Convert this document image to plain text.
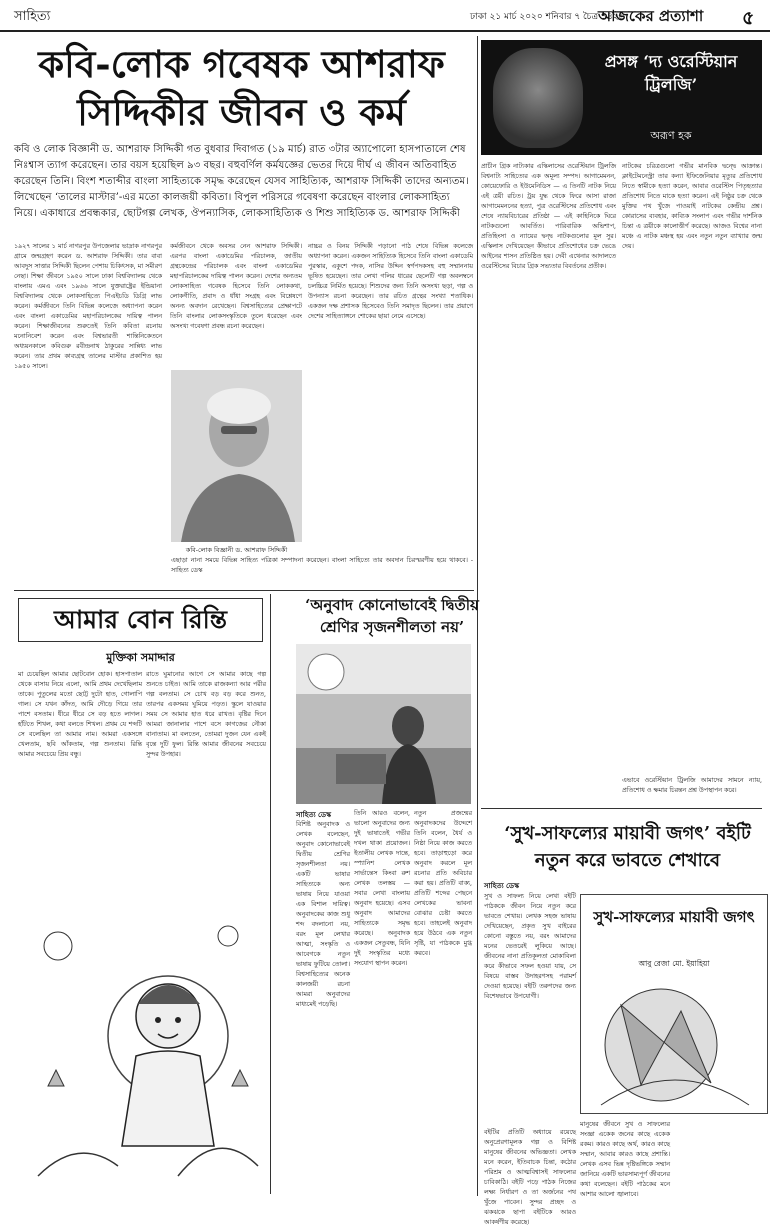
সাহিত্য	ঢাকা ২১ মার্চ ২০২০ শনিবার ৭ চৈত্র ১৪২৬
আজকের প্রত্যাশা ৫
কবি-লোক গবেষক আশরাফ সিদ্দিকীর জীবন ও কর্ম
কবি ও লোক বিজ্ঞানী ড. আশরাফ সিদ্দিকী গত বুধবার দিবাগত (১৯ মার্চ) রাত ৩টার অ্যাপোলো হাসপাতালে শেষ নিঃশ্বাস ত্যাগ করেছেন। তার বয়স হয়েছিল ৯৩ বছর। বহুবর্ণিল কর্মযজ্ঞের ভেতর দিয়ে দীর্ঘ এ জীবন অতিবাহিত করেছেন তিনি। বিংশ শতাব্দীর বাংলা সাহিত্যকে সমৃদ্ধ করেছেন যেসব সাহিত্যিক, আশরাফ সিদ্দিকী তাদের অন্যতম। লিখেছেন ‘তালের মাস্টার’-এর মতো কালজয়ী কবিতা। বিপুল পরিসরে গবেষণা করেছেন বাংলার লোকসাহিত্য নিয়ে। একাধারে প্রবন্ধকার, ছোটগল্প লেখক, ঔপন্যাসিক, লোকসাহিত্যিক ও শিশু সাহিত্যিক ড. আশরাফ সিদ্দিকী
১৯২৭ সালের ১ মার্চ নাগরপুর উপজেলার ভাদ্রাক নাগরপুর গ্রামে জন্মগ্রহণ করেন ড. আশরাফ সিদ্দিকী। তার বাবা আবদুস সাত্তার সিদ্দিকী ছিলেন পেশায় চিকিৎসক, মা সমীরণ নেছা। শিক্ষা জীবনে ১৯৫০ সালে ঢাকা বিশ্ববিদ্যালয় থেকে বাংলায় এমএ এবং ১৯৬৬ সালে যুক্তরাষ্ট্রের ইন্ডিয়ানা বিশ্ববিদ্যালয় থেকে লোকসাহিত্যে পিএইচডি ডিগ্রি লাভ করেন। কর্মজীবনে তিনি বিভিন্ন কলেজে অধ্যাপনা করেন এবং বাংলা একাডেমির মহাপরিচালকের দায়িত্ব পালন করেন। শিক্ষাজীবনের শুরুতেই তিনি কবিতা রচনায় মনোনিবেশ করেন এবং বিশ্বভারতী শান্তিনিকেতনে অধ্যয়নকালে কবিগুরু রবীন্দ্রনাথ ঠাকুরের সান্নিধ্য লাভ করেন। তার প্রথম কাব্যগ্রন্থ তালের মাস্টার প্রকাশিত হয় ১৯৫০ সালে।
কর্মজীবনে থেকে অবসর নেন আশরাফ সিদ্দিকী। এরপর বাংলা একাডেমির পরিচালক, জাতীয় গ্রন্থকেন্দ্রের পরিচালক এবং বাংলা একাডেমির মহাপরিচালকের দায়িত্ব পালন করেন। দেশের অন্যতম লোকসাহিত্য গবেষক হিসেবে তিনি লোককথা, লোকগীতি, প্রবাদ ও ধাঁধা সংগ্রহ এবং বিশ্লেষণে অনন্য অবদান রেখেছেন। বিশ্বসাহিত্যের প্রেক্ষাপটে তিনি বাংলার লোকসংস্কৃতিকে তুলে ধরেছেন এবং অসংখ্য গবেষণা প্রবন্ধ রচনা করেছেন।
কবি-লোক বিজ্ঞানী ড. আশরাফ সিদ্দিকী
নাচ্চর ও বিনয় সিদ্দিকী পড়ানো পাঠ শেষে বিভিন্ন কলেজে অধ্যাপনা করেন। একজন সাহিত্যিক হিসেবে তিনি বাংলা একাডেমি পুরস্কার, একুশে পদক, নাসির উদ্দিন স্বর্ণপদকসহ বহু সম্মাননায় ভূষিত হয়েছেন। তার লেখা গলির ধারের ছেলেটি গল্প অবলম্বনে চলচ্চিত্র নির্মিত হয়েছে। শিশুদের জন্য তিনি অসংখ্য ছড়া, গল্প ও উপন্যাস রচনা করেছেন। তার রচিত গ্রন্থের সংখ্যা শতাধিক। একজন দক্ষ প্রশাসক হিসেবেও তিনি সমাদৃত ছিলেন। তার প্রয়াণে দেশের সাহিত্যাঙ্গনে শোকের ছায়া নেমে এসেছে।
এছাড়া নানা সময়ে বিভিন্ন সাহিত্য পত্রিকা সম্পাদনা করেছেন। বাংলা সাহিত্যে তার অবদান চিরস্মরণীয় হয়ে থাকবে। - সাহিত্য ডেস্ক
প্রসঙ্গ ‘দ্য ওরেস্টিয়ান ট্রিলজি’
অরূণ হক
প্রাচীন গ্রিক নাট্যকার এস্কিলাসের ওরেস্টিয়ান ট্রিলজি বিশ্বনাট্য সাহিত্যের এক অমূল্য সম্পদ। আগামেমনন, কোয়েফোরি ও ইউমেনিডিস — এ তিনটি নাটক নিয়ে এই ত্রয়ী রচিত। ট্রয় যুদ্ধ থেকে ফিরে আসা রাজা আগামেমননের হত্যা, পুত্র ওরেস্টিসের প্রতিশোধ এবং শেষে ন্যায়বিচারের প্রতিষ্ঠা — এই কাহিনিকে ঘিরে নাটকগুলো আবর্তিত। পারিবারিক অভিশাপ, প্রতিহিংসা ও ন্যায়ের দ্বন্দ্ব নাটকগুলোর মূল সুর। এস্কিলাস দেখিয়েছেন কীভাবে প্রতিশোধের চক্র ভেঙে আইনের শাসন প্রতিষ্ঠিত হয়। দেবী এথেনার আদালতে ওরেস্টিসের বিচার গ্রিক সভ্যতার বিবর্তনের প্রতীক।
নাটকের চরিত্রগুলো গভীর মানবিক দ্বন্দ্বে আক্রান্ত। ক্লাইটেমনেস্ট্রা তার কন্যা ইফিজেনিয়ার মৃত্যুর প্রতিশোধ নিতে স্বামীকে হত্যা করেন, আবার ওরেস্টিস পিতৃহত্যার প্রতিশোধ নিতে মাকে হত্যা করেন। এই নিষ্ঠুর চক্র থেকে মুক্তির পথ খুঁজে পাওয়াই নাটকের কেন্দ্রীয় প্রশ্ন। কোরাসের ব্যবহার, কাব্যিক সংলাপ এবং গভীর দার্শনিক চিন্তা এ ত্রয়ীকে কালোত্তীর্ণ করেছে। আজও বিশ্বের নানা মঞ্চে এ নাটক মঞ্চস্থ হয় এবং নতুন নতুন ব্যাখ্যার জন্ম দেয়।
এভাবে ওরেস্টিয়ান ট্রিলজি আমাদের সামনে ন্যায়, প্রতিশোধ ও ক্ষমার চিরন্তন প্রশ্ন উপস্থাপন করে।
আমার বোন রিন্তি
মুক্তিকা সমাদ্দার
মা চেয়েছিল আমার ছোটবোন হোক। হাসপাতাল থেকে বাসায় নিয়ে এলো, আমি প্রথম দেখেছিলাম তাকে। পুতুলের মতো ছোট্ট দুটো হাত, গোলাপি গাল। সে যখন কাঁদত, আমি দৌড়ে গিয়ে তার পাশে বসতাম। ধীরে ধীরে সে বড় হতে লাগল। হাঁটতে শিখল, কথা বলতে শিখল। প্রথম যে শব্দটি সে বলেছিল তা আমার নাম। আমরা একসঙ্গে খেলতাম, ছবি আঁকতাম, গল্প শুনতাম। রিন্তি আমার সবচেয়ে প্রিয় বন্ধু।
রাতে ঘুমানোর আগে সে আমার কাছে গল্প শুনতে চাইত। আমি তাকে রাজকন্যা আর পরীর গল্প বলতাম। সে চোখ বড় বড় করে শুনত, তারপর একসময় ঘুমিয়ে পড়ত। স্কুলে যাওয়ার সময় সে আমার হাত ধরে রাখত। বৃষ্টির দিনে আমরা জানালার পাশে বসে কাগজের নৌকা বানাতাম। মা বলতেন, তোমরা দুজন যেন একই বৃন্তে দুটি ফুল। রিন্তি আমার জীবনের সবচেয়ে সুন্দর উপহার।
‘অনুবাদ কোনোভাবেই দ্বিতীয় শ্রেণির সৃজনশীলতা নয়’
সাহিত্য ডেস্ক
বিশিষ্ট অনুবাদক ও লেখক বলেছেন, অনুবাদ কোনোভাবেই দ্বিতীয় শ্রেণির সৃজনশীলতা নয়। একটি ভাষার সাহিত্যকে অন্য ভাষায় নিয়ে যাওয়া এক বিশাল দায়িত্ব। অনুবাদকের কাজ শুধু শব্দ বদলানো নয়, বরং মূল লেখার আত্মা, সংস্কৃতি ও আবেগকে নতুন ভাষায় ফুটিয়ে তোলা। বিশ্বসাহিত্যের অনেক কালজয়ী রচনা আমরা অনুবাদের মাধ্যমেই পড়েছি।
তিনি আরও বলেন, ভালো অনুবাদের জন্য দুই ভাষাতেই গভীর দখল থাকা প্রয়োজন। ইতালীয় লেখক দান্তে, স্প্যানিশ লেখক সার্ভান্তেস কিংবা রুশ লেখক তলস্তয় — সবার লেখা বাংলায় অনুবাদ হয়েছে। এসব অনুবাদ আমাদের সাহিত্যকে সমৃদ্ধ করেছে। অনুবাদক একজন সেতুবন্ধ, যিনি দুই সংস্কৃতির মধ্যে সংযোগ স্থাপন করেন।
নতুন প্রজন্মের অনুবাদকদের উদ্দেশে তিনি বলেন, ধৈর্য ও নিষ্ঠা নিয়ে কাজ করতে হবে। তাড়াহুড়ো করে অনুবাদ করলে মূল রচনার প্রতি অবিচার করা হয়। প্রতিটি বাক্য, প্রতিটি শব্দের পেছনে লেখকের ভাবনা বোঝার চেষ্টা করতে হবে। তাহলেই অনুবাদ হয়ে উঠবে এক নতুন সৃষ্টি, যা পাঠককে মুগ্ধ করবে।
‘সুখ-সাফল্যের মায়াবী জগৎ’ বইটি নতুন করে ভাবতে শেখাবে
সাহিত্য ডেস্ক
সুখ ও সাফল্য নিয়ে লেখা বইটি পাঠককে জীবন নিয়ে নতুন করে ভাবতে শেখায়। লেখক সহজ ভাষায় দেখিয়েছেন, প্রকৃত সুখ বাইরের কোনো বস্তুতে নয়, বরং আমাদের মনের ভেতরেই লুকিয়ে আছে। জীবনের নানা প্রতিকূলতা মোকাবিলা করে কীভাবে সফল হওয়া যায়, সে বিষয়ে বাস্তব উদাহরণসহ পরামর্শ দেওয়া হয়েছে। বইটি তরুণদের জন্য বিশেষভাবে উপযোগী।
সুখ-সাফল্যের মায়াবী জগৎ
আবু রেজা মো. ইয়াহিয়া
বইটির প্রতিটি অধ্যায়ে রয়েছে অনুপ্রেরণামূলক গল্প ও বিশিষ্ট মানুষের জীবনের অভিজ্ঞতা। লেখক মনে করেন, ইতিবাচক চিন্তা, কঠোর পরিশ্রম ও আত্মবিশ্বাসই সাফল্যের চাবিকাঠি। বইটি পড়ে পাঠক নিজের লক্ষ্য নির্ধারণ ও তা অর্জনের পথ খুঁজে পাবেন। সুন্দর প্রচ্ছদ ও ঝকঝকে ছাপা বইটিকে আরও আকর্ষণীয় করেছে।
মানুষের জীবনে সুখ ও সাফল্যের সংজ্ঞা একেক জনের কাছে একেক রকম। কারও কাছে অর্থ, কারও কাছে সম্মান, আবার কারও কাছে প্রশান্তি। লেখক এসব ভিন্ন দৃষ্টিভঙ্গিকে সম্মান জানিয়ে একটি ভারসাম্যপূর্ণ জীবনের কথা বলেছেন। বইটি পাঠকের মনে আশার আলো জ্বালাবে।
